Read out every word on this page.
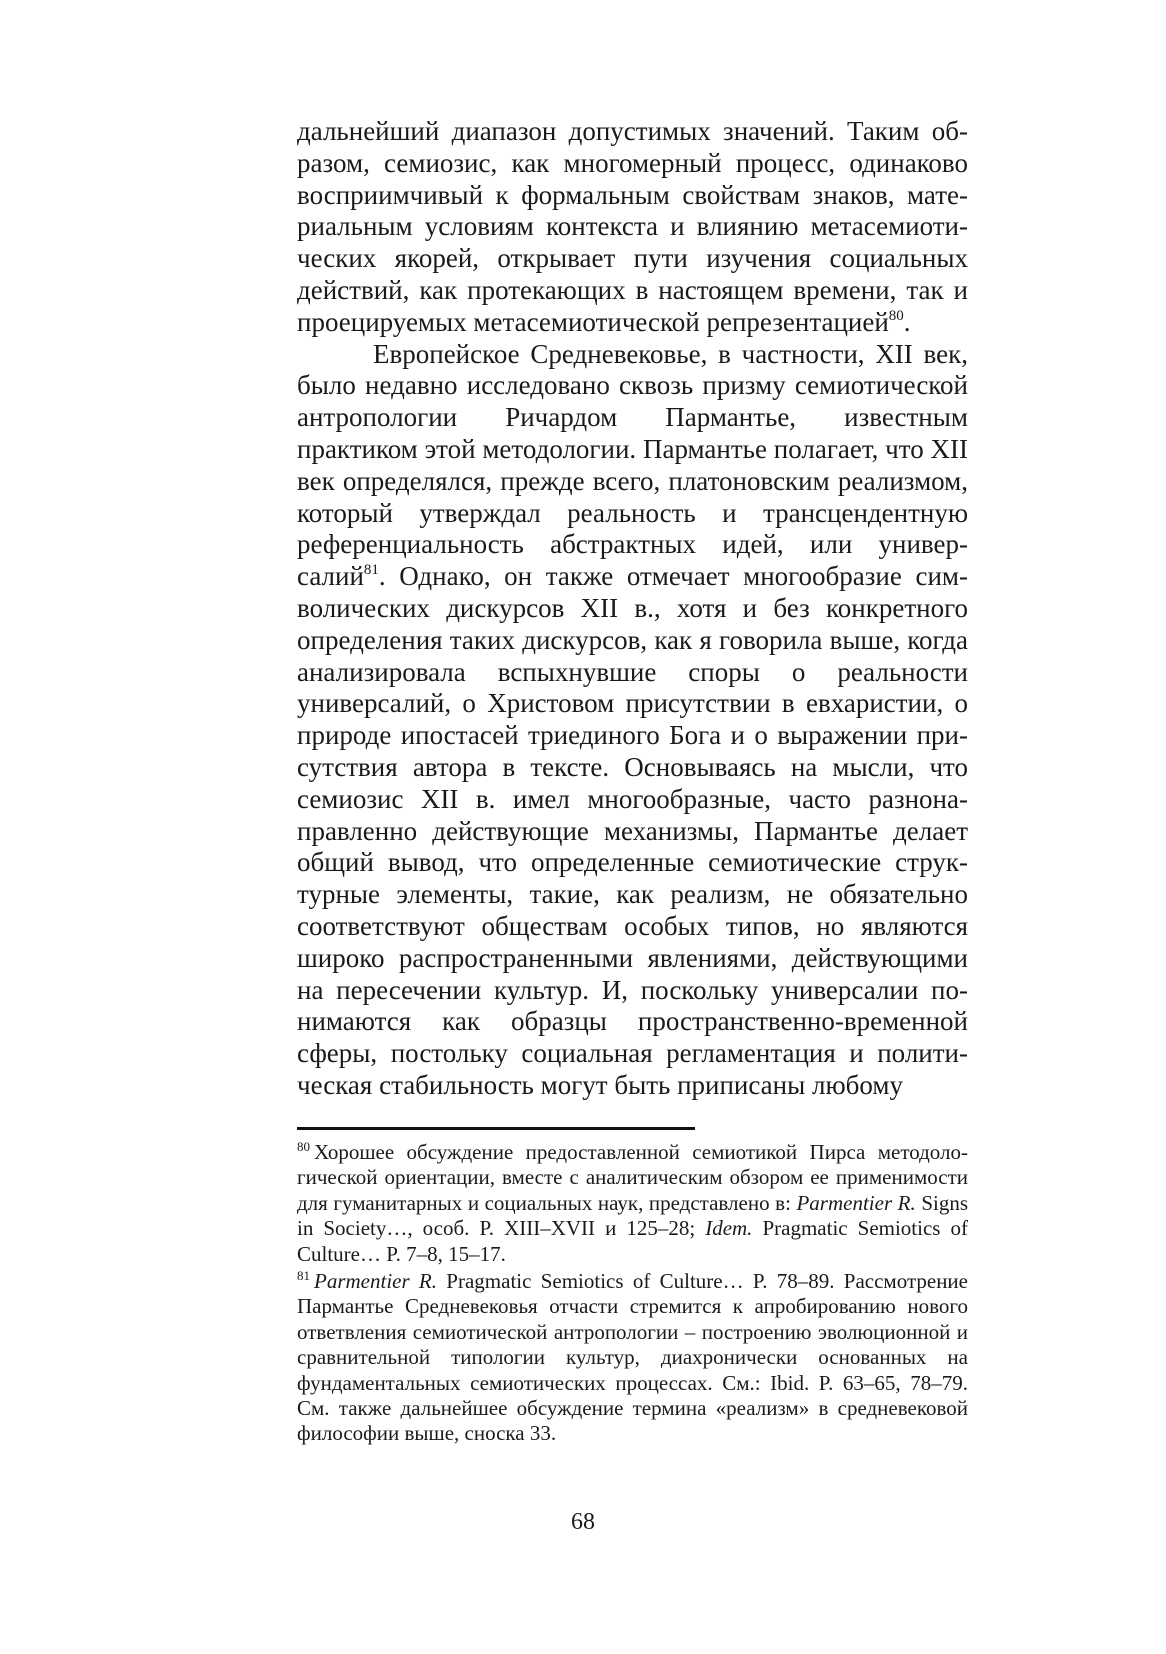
дальнейший диапазон допустимых значений. Таким образом, семиозис, как многомерный процесс, одинаково восприимчивый к формальным свойствам знаков, материальным условиям контекста и влиянию метасемиотических якорей, открывает пути изучения социальных действий, как протекающих в настоящем времени, так и проецируемых метасемиотической репрезентацией$^{80}$.

Европейское Средневековье, в частности, XII век, было недавно исследовано сквозь призму семиотической антропологии Ричардом Пармантье, известным практиком этой методологии. Пармантье полагает, что XII век определялся, прежде всего, платоновским реализмом, который утверждал реальность и трансцендентную референциальность абстрактных идей, или универсалий$^{81}$. Однако, он также отмечает многообразие символических дискурсов XII в., хотя и без конкретного определения таких дискурсов, как я говорила выше, когда анализировала вспыхнувшие споры о реальности универсалий, о Христовом присутствии в евхаристии, о природе ипостасей триединого Бога и о выражении присутствия автора в тексте. Основываясь на мысли, что семиозис XII в. имел многообразные, часто разнонаправленно действующие механизмы, Пармантье делает общий вывод, что определенные семиотические структурные элементы, такие, как реализм, не обязательно соответствуют обществам особых типов, но являются широко распространенными явлениями, действующими на пересечении культур. И, поскольку универсалии понимаются как образцы пространственно-временной сферы, постольку социальная регламентация и политическая стабильность могут быть приписаны любому

$^{80}$ Хорошее обсуждение предоставленной семиотикой Пирса методологической ориентации, вместе с аналитическим обзором ее применимости для гуманитарных и социальных наук, представлено в: Parmentier R. Signs in Society…, особ. P. XIII–XVII и 125–28; Idem. Pragmatic Semiotics of Culture… P. 7–8, 15–17.

$^{81}$ Parmentier R. Pragmatic Semiotics of Culture… P. 78–89. Рассмотрение Пармантье Средневековья отчасти стремится к апробированию нового ответвления семиотической антропологии – построению эволюционной и сравнительной типологии культур, диахронически основанных на фундаментальных семиотических процессах. См.: Ibid. P. 63–65, 78–79. См. также дальнейшее обсуждение термина «реализм» в средневековой философии выше, сноска 33.

68
